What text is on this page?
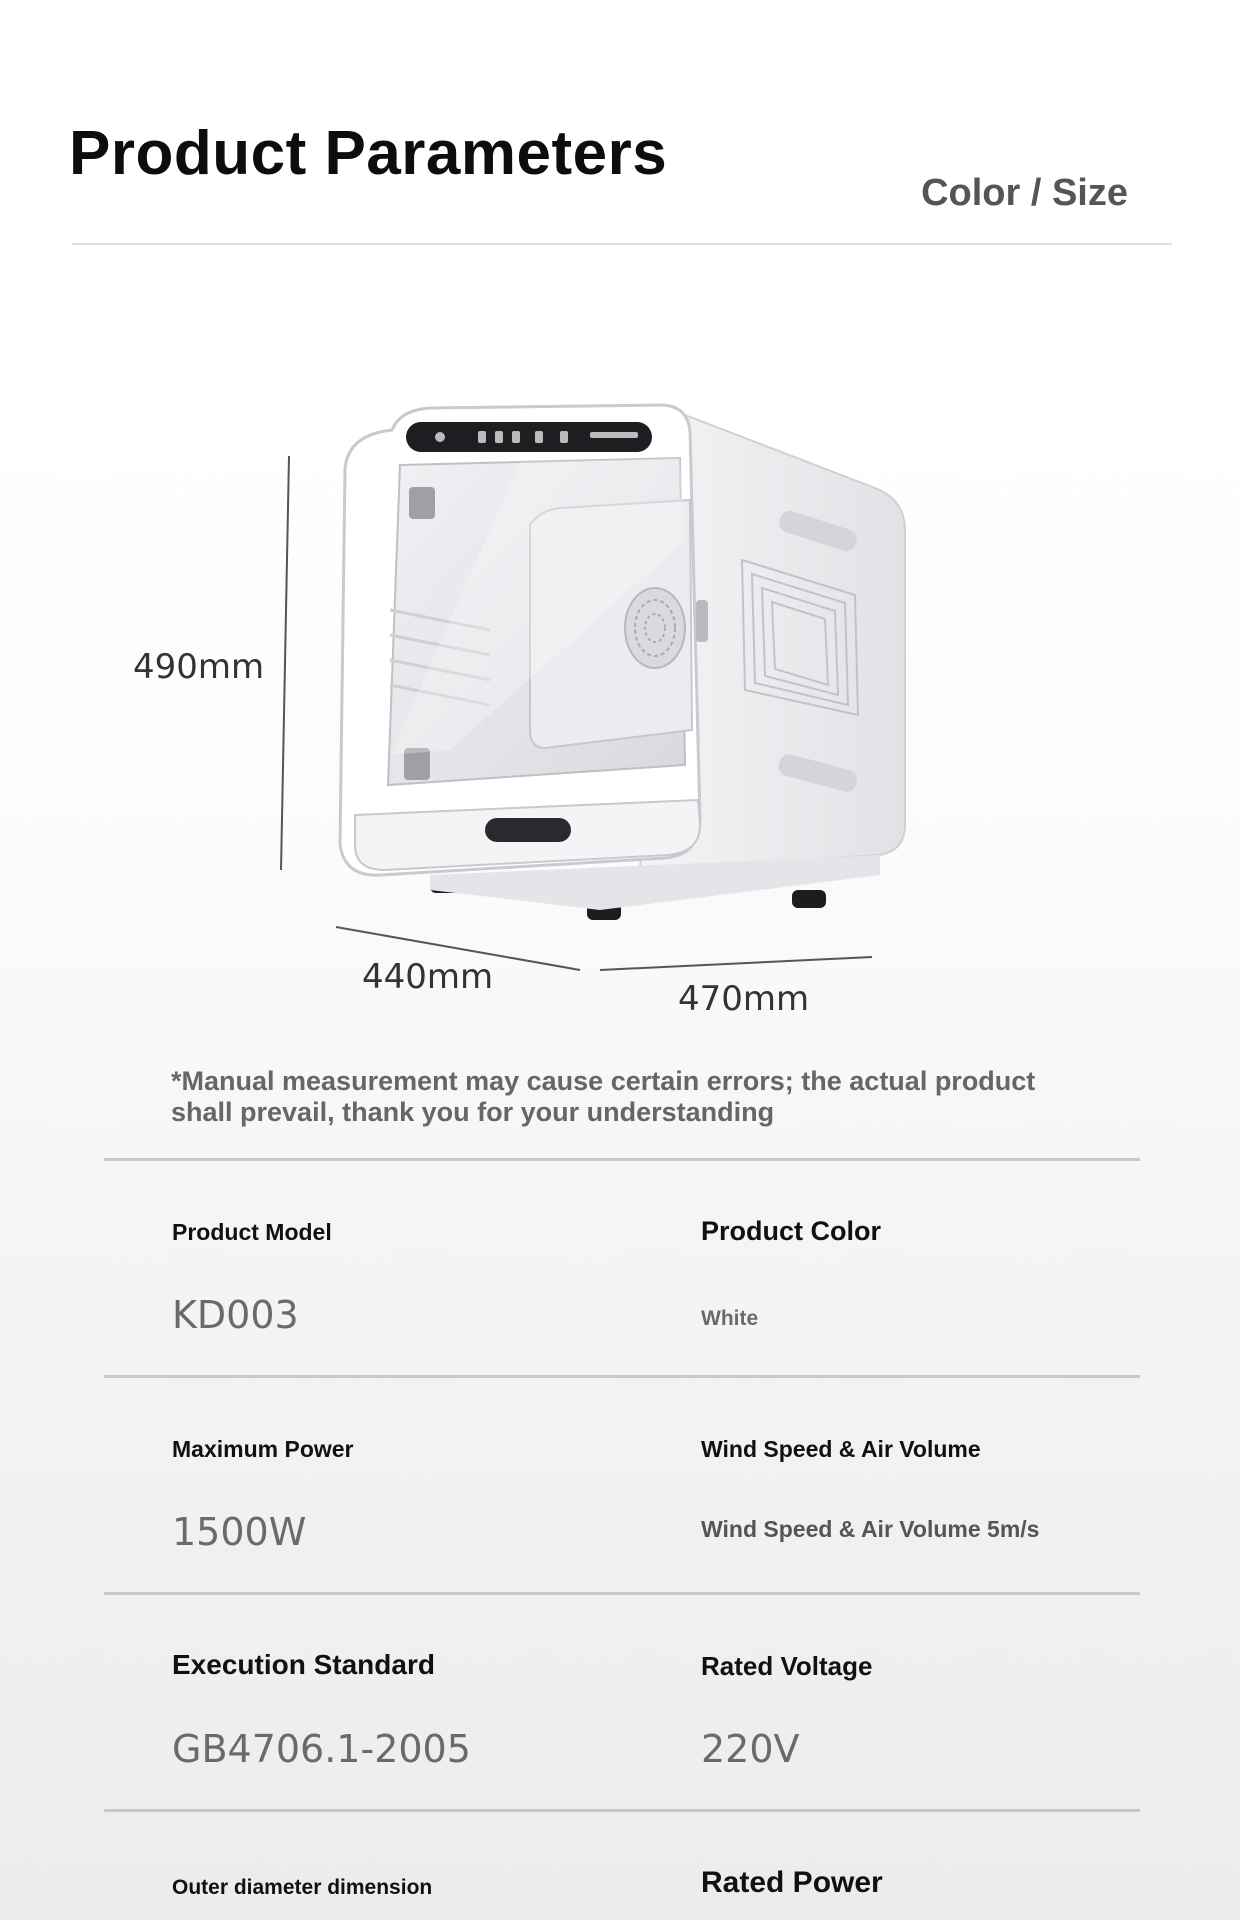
Product Parameters
Color / Size
490mm
440mm
470mm

*Manual measurement may cause certain errors; the actual product shall prevail, thank you for your understanding

Product Model
KD003
Product Color
White
Maximum Power
1500W
Wind Speed & Air Volume
Wind Speed & Air Volume 5m/s
Execution Standard
GB4706.1-2005
Rated Voltage
220V
Outer diameter dimension	Rated Power
